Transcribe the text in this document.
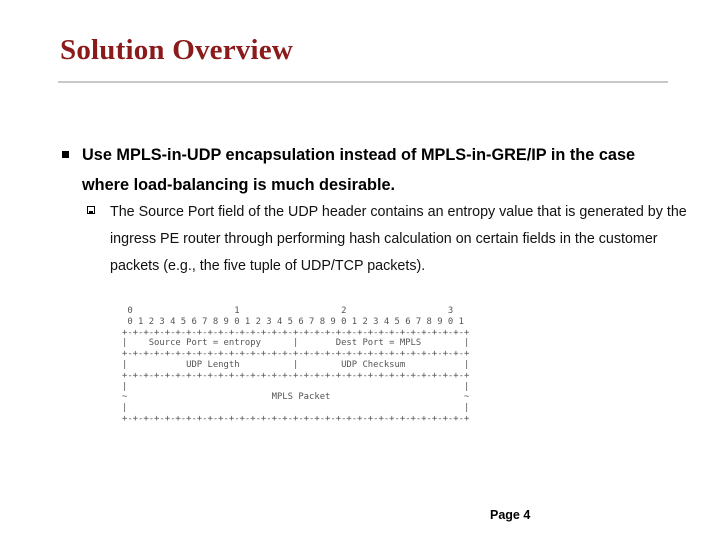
Solution Overview
Use MPLS-in-UDP encapsulation instead of MPLS-in-GRE/IP in the case where load-balancing is much desirable.
The Source Port field of the UDP header contains an entropy value that is generated by the ingress PE router through performing hash calculation on certain fields in the customer packets (e.g., the five tuple of UDP/TCP packets).
0                   1                   2                   3
0 1 2 3 4 5 6 7 8 9 0 1 2 3 4 5 6 7 8 9 0 1 2 3 4 5 6 7 8 9 0 1
+-+-+-+-+-+-+-+-+-+-+-+-+-+-+-+-+-+-+-+-+-+-+-+-+-+-+-+-+-+-+-+-+
|    Source Port = entropy      |       Dest Port = MPLS        |
+-+-+-+-+-+-+-+-+-+-+-+-+-+-+-+-+-+-+-+-+-+-+-+-+-+-+-+-+-+-+-+-+
|           UDP Length          |        UDP Checksum           |
+-+-+-+-+-+-+-+-+-+-+-+-+-+-+-+-+-+-+-+-+-+-+-+-+-+-+-+-+-+-+-+-+
|                                                               |
~                           MPLS Packet                         ~
|                                                               |
+-+-+-+-+-+-+-+-+-+-+-+-+-+-+-+-+-+-+-+-+-+-+-+-+-+-+-+-+-+-+-+-+
Page 4
